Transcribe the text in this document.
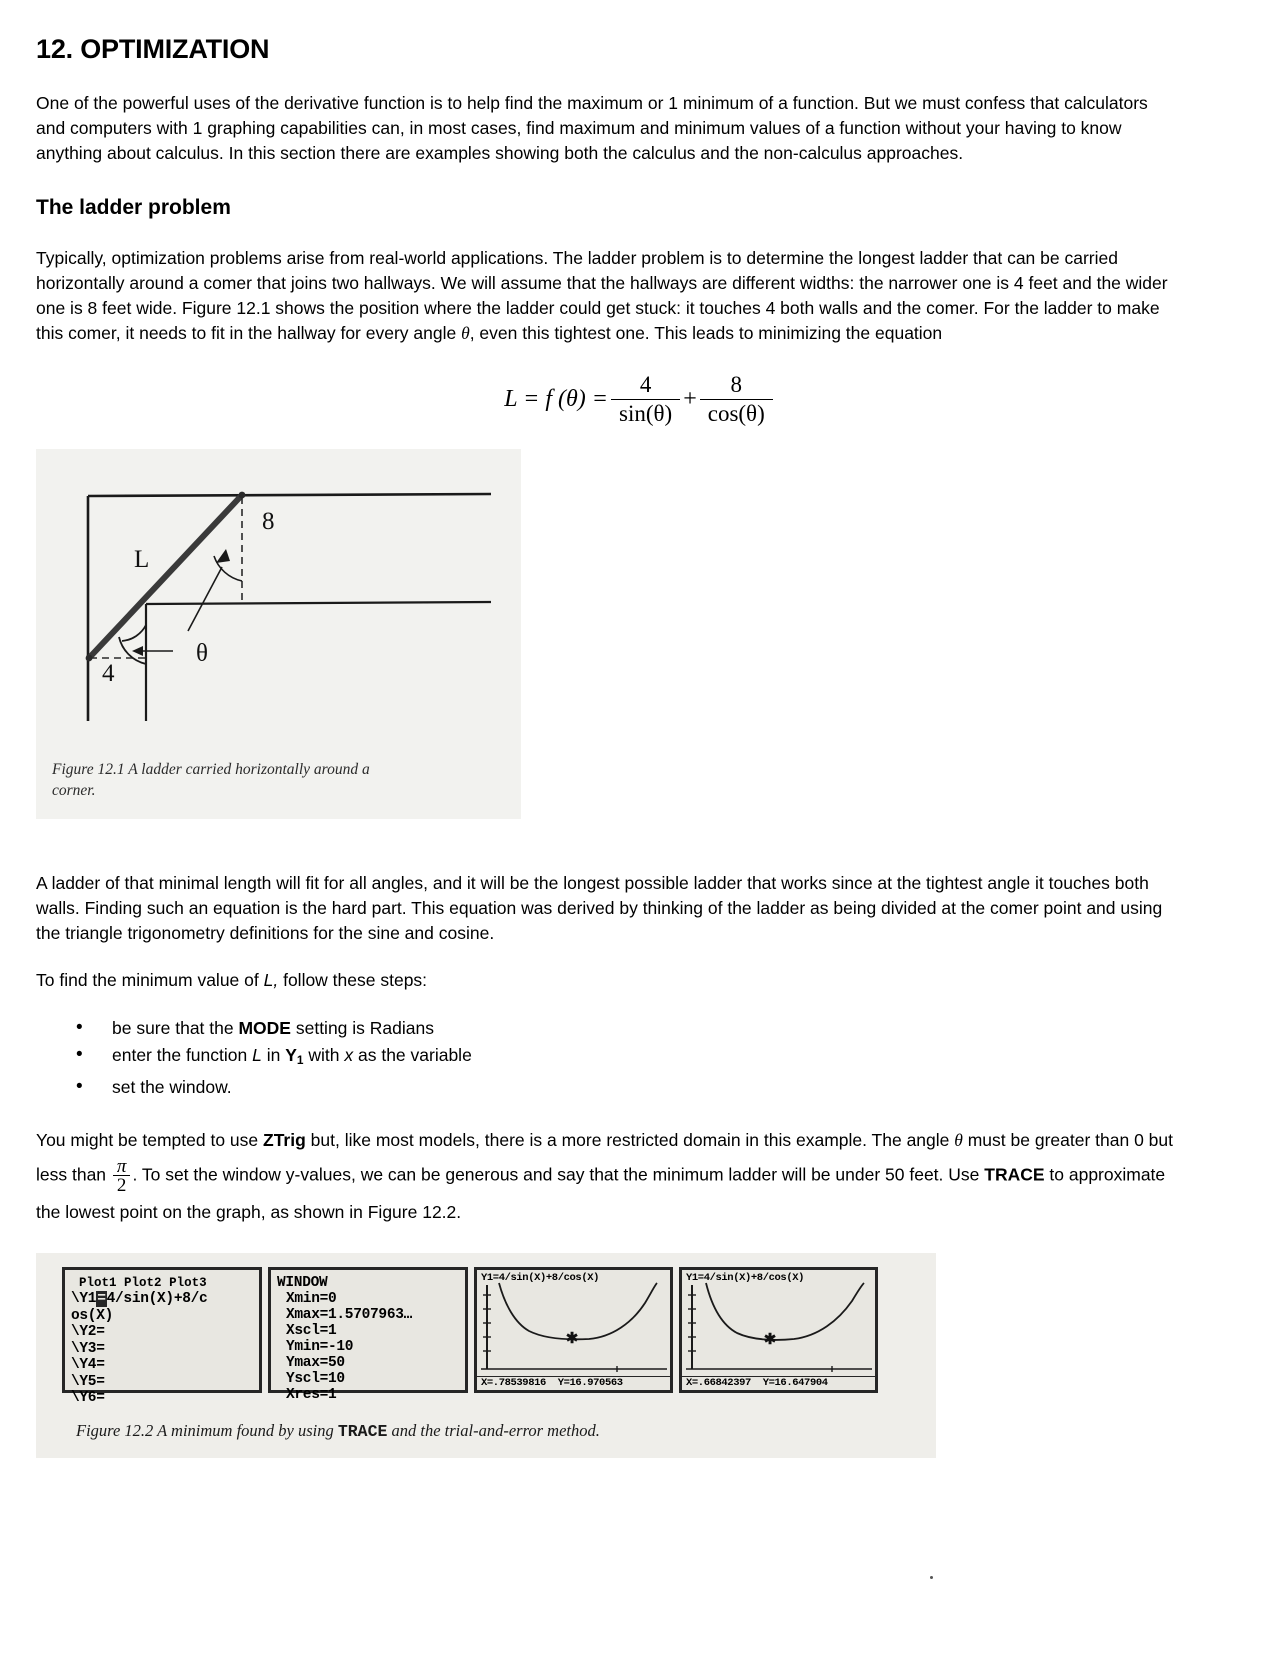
12. OPTIMIZATION

One of the powerful uses of the derivative function is to help find the maximum or 1 minimum of a function. But we must confess that calculators and computers with 1 graphing capabilities can, in most cases, find maximum and minimum values of a function without your having to know anything about calculus. In this section there are examples showing both the calculus and the non-calculus approaches.

The ladder problem

Typically, optimization problems arise from real-world applications. The ladder problem is to determine the longest ladder that can be carried horizontally around a comer that joins two hallways. We will assume that the hallways are different widths: the narrower one is 4 feet and the wider one is 8 feet wide. Figure 12.1 shows the position where the ladder could get stuck: it touches 4 both walls and the comer. For the ladder to make this comer, it needs to fit in the hallway for every angle θ, even this tightest one. This leads to minimizing the equation

L = f $(\theta) = \frac{4}{\sin(\theta)} + \frac{8}{\cos(\theta)}$
L
8
4
θ
Figure 12.1 A ladder carried horizontally around a
corner.

A ladder of that minimal length will fit for all angles, and it will be the longest possible ladder that works since at the tightest angle it touches both walls. Finding such an equation is the hard part. This equation was derived by thinking of the ladder as being divided at the comer point and using the triangle trigonometry definitions for the sine and cosine.

To find the minimum value of L, follow these steps:

• be sure that the MODE setting is Radians
• enter the function L in $Y_1$ with x as the variable
• set the window.

You might be tempted to use ZTrig but, like most models, there is a more restricted domain in this example. The angle θ must be greater than 0 but less than $\frac{\pi}{2}$ . To set the window y-values, we can be generous and say that the minimum ladder will be under 50 feet. Use TRACE to approximate the lowest point on the graph, as shown in Figure 12.2.

Plot1 Plot2 Plot3
\Y1=4/sin(X)+8/c
os(X)
\Y2=
\Y3=
\Y4=
\Y5=
\Y6=
WINDOW
Xmin=0
Xmax=1.5707963…
Xscl=1
Ymin=-10
Ymax=50
Yscl=10
Xres=1
Y1=4/sin(X)+8/cos(X)
✱
X=.78539816 Y=16.970563
Y1=4/sin(X)+8/cos(X)
✱
X=.66842397 Y=16.647904
Figure 12.2 A minimum found by using TRACE and the trial-and-error method.
